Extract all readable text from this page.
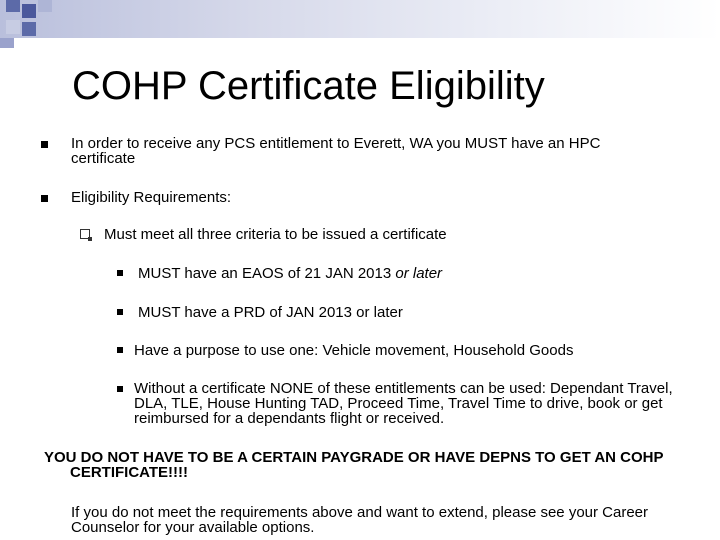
COHP Certificate Eligibility
In order to receive any PCS entitlement to Everett, WA you MUST have an HPC certificate
Eligibility Requirements:
Must meet all three criteria to be issued a certificate
MUST have an EAOS of 21 JAN 2013 or later
MUST have a PRD of JAN 2013 or later
Have a purpose to use one: Vehicle movement, Household Goods
Without a certificate NONE of these entitlements can be used: Dependant Travel, DLA, TLE, House Hunting TAD, Proceed Time, Travel Time to drive, book or get reimbursed for a dependants flight or received.
YOU DO NOT HAVE TO BE A CERTAIN PAYGRADE OR HAVE DEPNS TO GET AN COHP CERTIFICATE!!!!
If you do not meet the requirements above and want to extend, please see your Career Counselor for your available options.
